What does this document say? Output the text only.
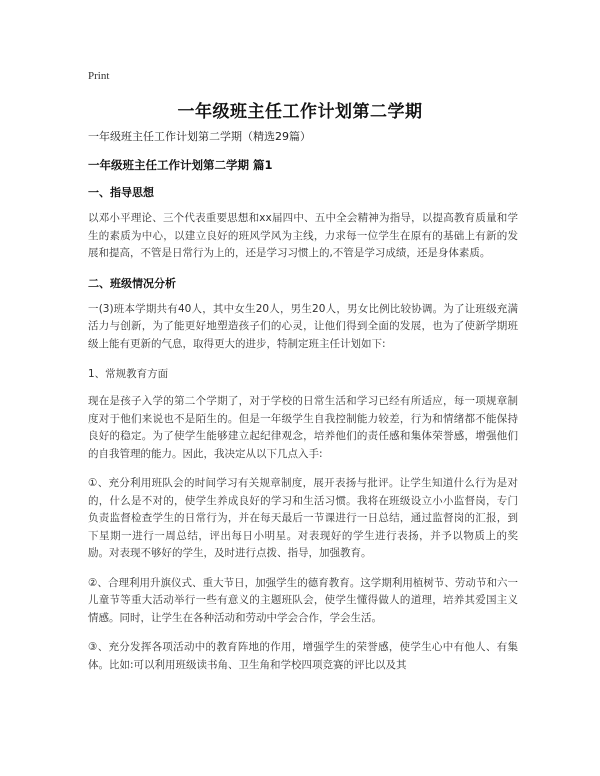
Print
一年级班主任工作计划第二学期
一年级班主任工作计划第二学期（精选29篇）
一年级班主任工作计划第二学期 篇1
一、指导思想

以邓小平理论、三个代表重要思想和xx届四中、五中全会精神为指导，以提高教育质量和学生的素质为中心，以建立良好的班风学风为主线，力求每一位学生在原有的基础上有新的发展和提高，不管是日常行为上的，还是学习习惯上的,不管是学习成绩，还是身体素质。

二、班级情况分析

一(3)班本学期共有40人，其中女生20人，男生20人，男女比例比较协调。为了让班级充满活力与创新，为了能更好地塑造孩子们的心灵，让他们得到全面的发展，也为了使新学期班级上能有更新的气息，取得更大的进步，特制定班主任计划如下:

1、常规教育方面

现在是孩子入学的第二个学期了，对于学校的日常生活和学习已经有所适应，每一项规章制度对于他们来说也不是陌生的。但是一年级学生自我控制能力较差，行为和情绪都不能保持良好的稳定。为了使学生能够建立起纪律观念，培养他们的责任感和集体荣誉感，增强他们的自我管理的能力。因此，我决定从以下几点入手:

①、充分利用班队会的时间学习有关规章制度，展开表扬与批评。让学生知道什么行为是对的，什么是不对的，使学生养成良好的学习和生活习惯。我将在班级设立小小监督岗，专门负责监督检查学生的日常行为，并在每天最后一节课进行一日总结，通过监督岗的汇报，到下星期一进行一周总结，评出每日小明星。对表现好的学生进行表扬，并予以物质上的奖励。对表现不够好的学生，及时进行点拨、指导，加强教育。

②、合理利用升旗仪式、重大节日，加强学生的德育教育。这学期利用植树节、劳动节和六一儿童节等重大活动举行一些有意义的主题班队会，使学生懂得做人的道理，培养其爱国主义情感。同时，让学生在各种活动和劳动中学会合作，学会生活。

③、充分发挥各项活动中的教育阵地的作用，增强学生的荣誉感，使学生心中有他人、有集体。比如:可以利用班级读书角、卫生角和学校四项竞赛的评比以及其
